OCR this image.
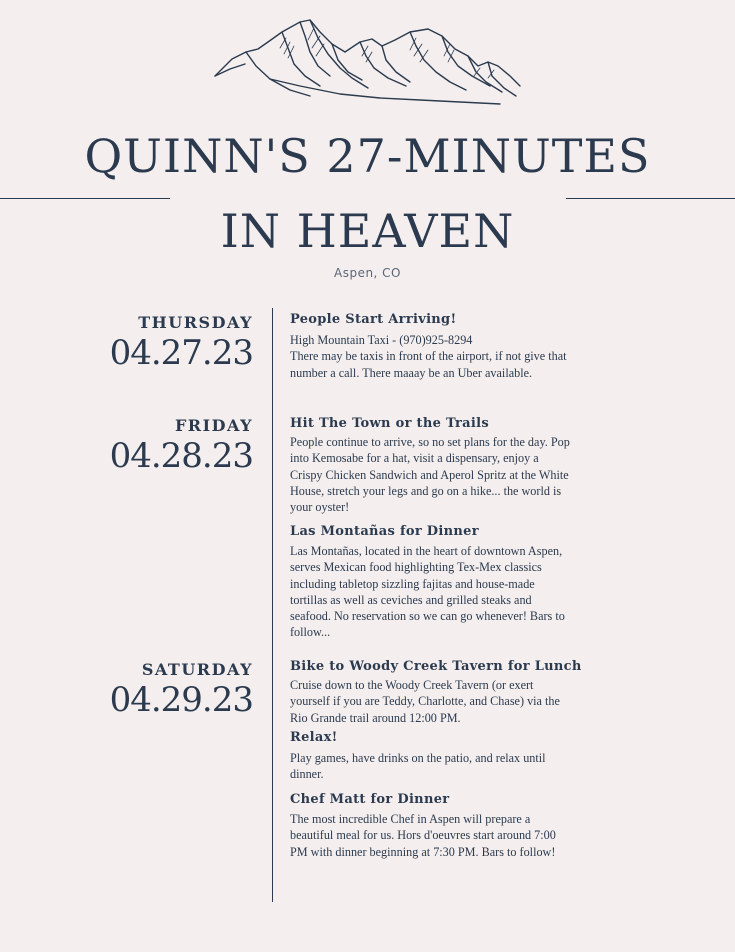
QUINN'S 27-MINUTES
IN HEAVEN
Aspen, CO
THURSDAY
04.27.23
People Start Arriving!

High Mountain Taxi - (970)925-8294
There may be taxis in front of the airport, if not give that number a call. There maaay be an Uber available.

FRIDAY
04.28.23
Hit The Town or the Trails

People continue to arrive, so no set plans for the day. Pop into Kemosabe for a hat, visit a dispensary, enjoy a Crispy Chicken Sandwich and Aperol Spritz at the White House, stretch your legs and go on a hike... the world is your oyster!

Las Montañas for Dinner

Las Montañas, located in the heart of downtown Aspen, serves Mexican food highlighting Tex-Mex classics including tabletop sizzling fajitas and house-made tortillas as well as ceviches and grilled steaks and seafood. No reservation so we can go whenever! Bars to follow...

SATURDAY
04.29.23
Bike to Woody Creek Tavern for Lunch

Cruise down to the Woody Creek Tavern (or exert yourself if you are Teddy, Charlotte, and Chase) via the Rio Grande trail around 12:00 PM.

Relax!

Play games, have drinks on the patio, and relax until dinner.

Chef Matt for Dinner

The most incredible Chef in Aspen will prepare a beautiful meal for us. Hors d'oeuvres start around 7:00 PM with dinner beginning at 7:30 PM. Bars to follow!
